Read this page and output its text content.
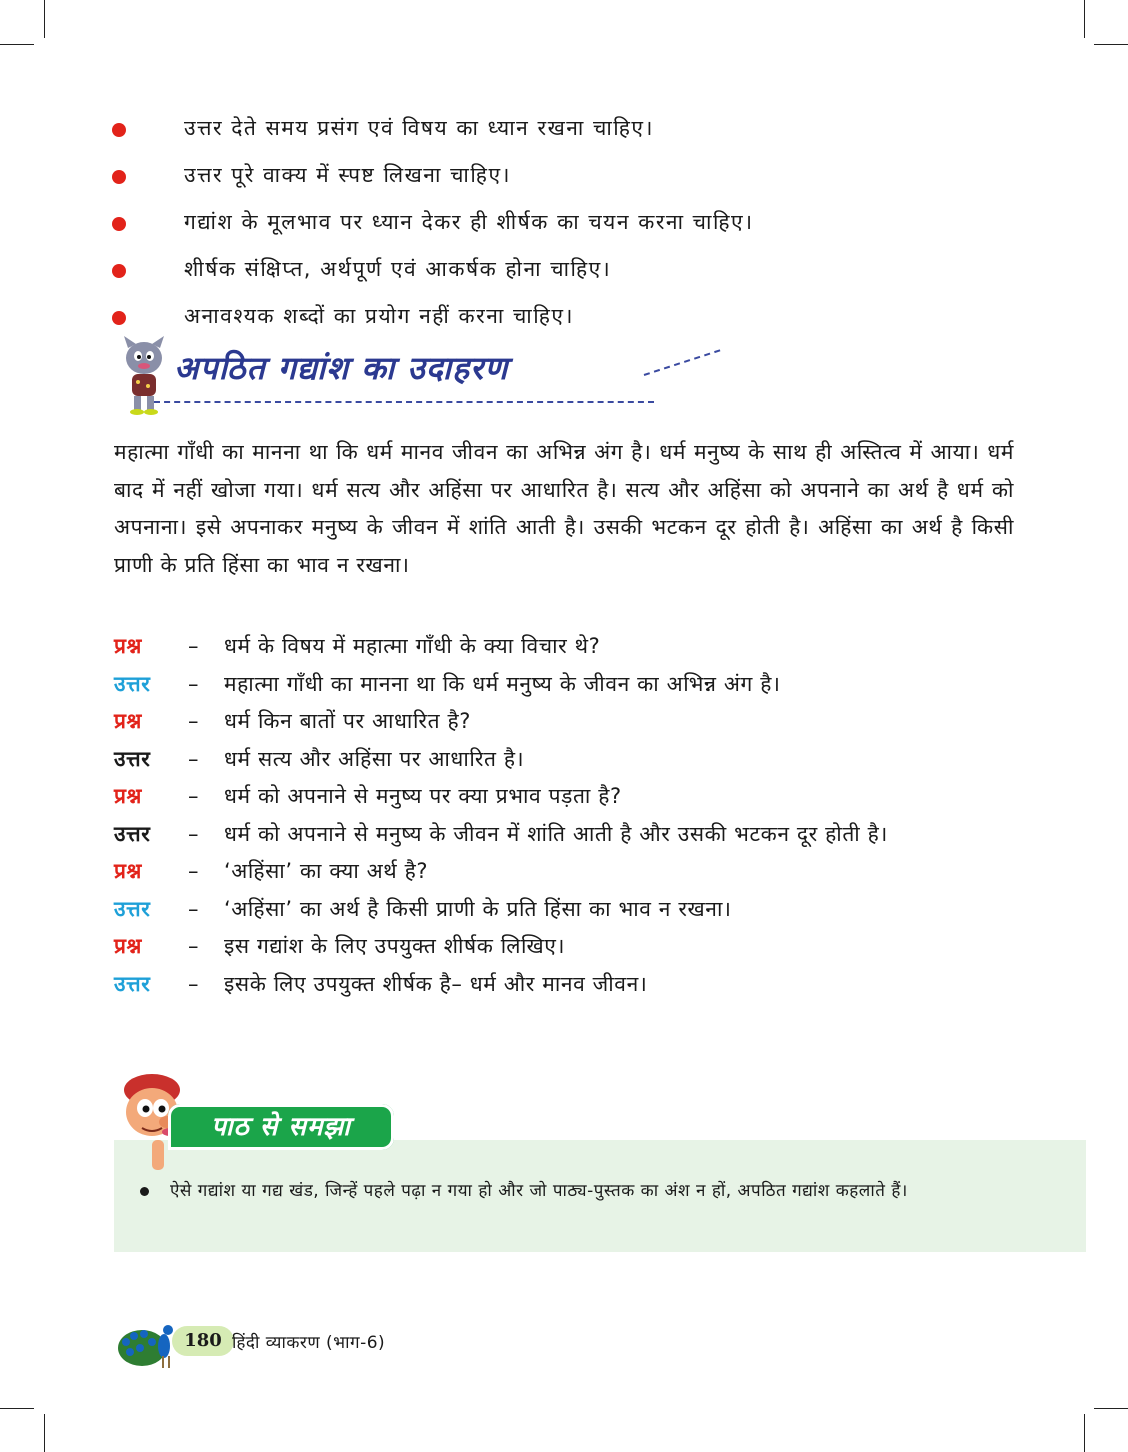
उत्तर देते समय प्रसंग एवं विषय का ध्यान रखना चाहिए।
उत्तर पूरे वाक्य में स्पष्ट लिखना चाहिए।
गद्यांश के मूलभाव पर ध्यान देकर ही शीर्षक का चयन करना चाहिए।
शीर्षक संक्षिप्त, अर्थपूर्ण एवं आकर्षक होना चाहिए।
अनावश्यक शब्दों का प्रयोग नहीं करना चाहिए।
अपठित गद्यांश का उदाहरण
महात्मा गाँधी का मानना था कि धर्म मानव जीवन का अभिन्न अंग है। धर्म मनुष्य के साथ ही अस्तित्व में आया। धर्म बाद में नहीं खोजा गया। धर्म सत्य और अहिंसा पर आधारित है। सत्य और अहिंसा को अपनाने का अर्थ है धर्म को अपनाना। इसे अपनाकर मनुष्य के जीवन में शांति आती है। उसकी भटकन दूर होती है। अहिंसा का अर्थ है किसी प्राणी के प्रति हिंसा का भाव न रखना।
प्रश्न	– धर्म के विषय में महात्मा गाँधी के क्या विचार थे?
उत्तर	– महात्मा गाँधी का मानना था कि धर्म मनुष्य के जीवन का अभिन्न अंग है।
प्रश्न	– धर्म किन बातों पर आधारित है?
उत्तर	– धर्म सत्य और अहिंसा पर आधारित है।
प्रश्न	– धर्म को अपनाने से मनुष्य पर क्या प्रभाव पड़ता है?
उत्तर	– धर्म को अपनाने से मनुष्य के जीवन में शांति आती है और उसकी भटकन दूर होती है।
प्रश्न	– ‘अहिंसा’ का क्या अर्थ है?
उत्तर	– ‘अहिंसा’ का अर्थ है किसी प्राणी के प्रति हिंसा का भाव न रखना।
प्रश्न	– इस गद्यांश के लिए उपयुक्त शीर्षक लिखिए।
उत्तर	– इसके लिए उपयुक्त शीर्षक है– धर्म और मानव जीवन।
ऐसे गद्यांश या गद्य खंड, जिन्हें पहले पढ़ा न गया हो और जो पाठ्य-पुस्तक का अंश न हों, अपठित गद्यांश कहलाते हैं।
पाठ से समझा
180 हिंदी व्याकरण (भाग-6)
